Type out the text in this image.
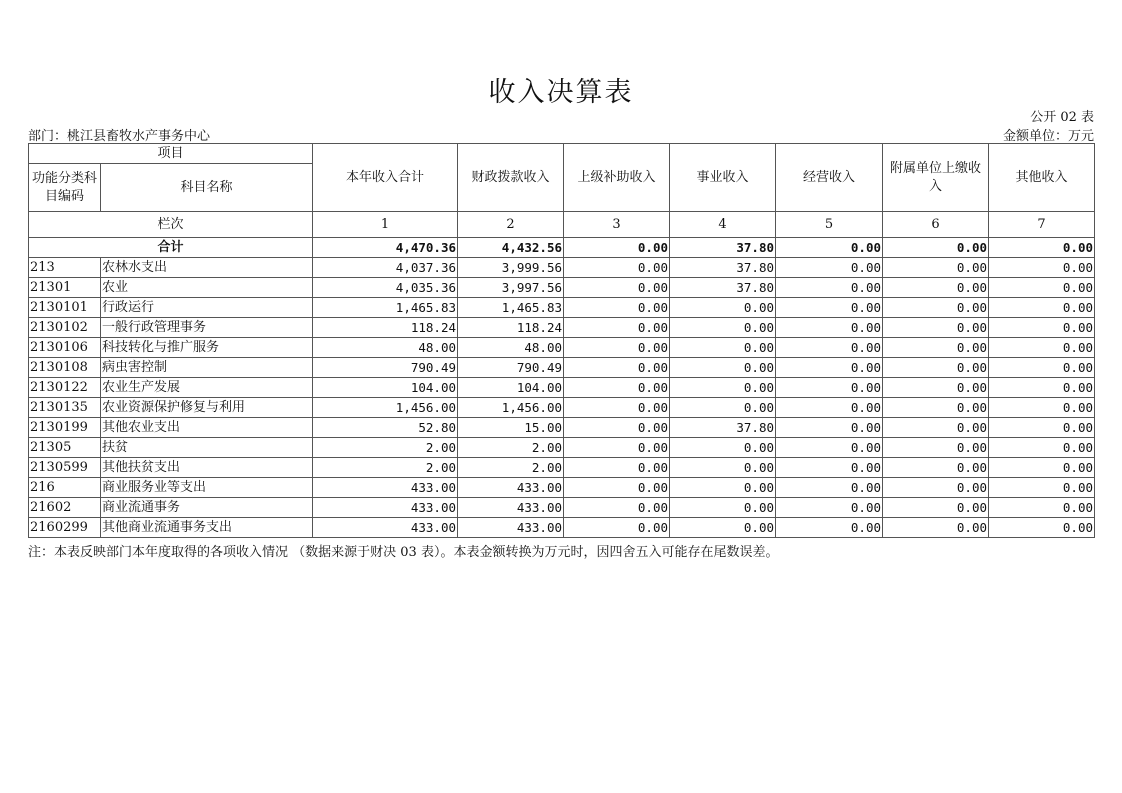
收入决算表
公开 02 表
部门：桃江县畜牧水产事务中心	金额单位：万元
项目		本年收入合计	财政拨款收入	上级补助收入	事业收入	经营收入	附属单位上缴收入	其他收入
功能分类科目编码	科目名称							
栏次		1	2	3	4	5	6	7
合计		4,470.36	4,432.56	0.00	37.80	0.00	0.00	0.00
213	农林水支出	4,037.36	3,999.56	0.00	37.80	0.00	0.00	0.00
21301	农业	4,035.36	3,997.56	0.00	37.80	0.00	0.00	0.00
2130101	行政运行	1,465.83	1,465.83	0.00	0.00	0.00	0.00	0.00
2130102	一般行政管理事务	118.24	118.24	0.00	0.00	0.00	0.00	0.00
2130106	科技转化与推广服务	48.00	48.00	0.00	0.00	0.00	0.00	0.00
2130108	病虫害控制	790.49	790.49	0.00	0.00	0.00	0.00	0.00
2130122	农业生产发展	104.00	104.00	0.00	0.00	0.00	0.00	0.00
2130135	农业资源保护修复与利用	1,456.00	1,456.00	0.00	0.00	0.00	0.00	0.00
2130199	其他农业支出	52.80	15.00	0.00	37.80	0.00	0.00	0.00
21305	扶贫	2.00	2.00	0.00	0.00	0.00	0.00	0.00
2130599	其他扶贫支出	2.00	2.00	0.00	0.00	0.00	0.00	0.00
216	商业服务业等支出	433.00	433.00	0.00	0.00	0.00	0.00	0.00
21602	商业流通事务	433.00	433.00	0.00	0.00	0.00	0.00	0.00
2160299	其他商业流通事务支出	433.00	433.00	0.00	0.00	0.00	0.00	0.00
注：本表反映部门本年度取得的各项收入情况 （数据来源于财决 03 表）。本表金额转换为万元时，因四舍五入可能存在尾数误差。
